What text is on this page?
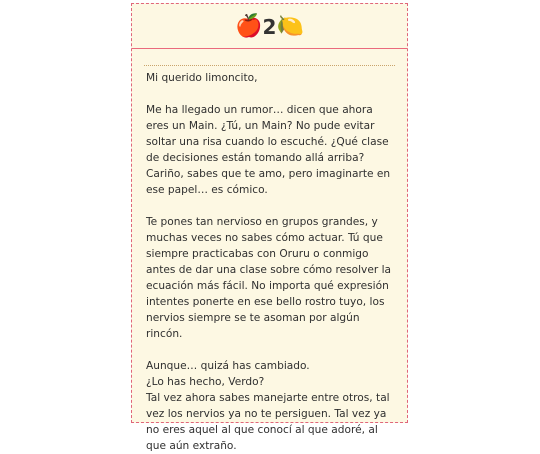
🍎 2 🍋

Mi querido limoncito,

Me ha llegado un rumor… dicen que ahora eres un Main. ¿Tú, un Main? No pude evitar soltar una risa cuando lo escuché. ¿Qué clase de decisiones están tomando allá arriba? Cariño, sabes que te amo, pero imaginarte en ese papel… es cómico.

Te pones tan nervioso en grupos grandes, y muchas veces no sabes cómo actuar. Tú que siempre practicabas con Oruru o conmigo antes de dar una clase sobre cómo resolver la ecuación más fácil. No importa qué expresión intentes ponerte en ese bello rostro tuyo, los nervios siempre se te asoman por algún rincón.

Aunque… quizá has cambiado.

¿Lo has hecho, Verdo?

Tal vez ahora sabes manejarte entre otros, tal vez los nervios ya no te persiguen. Tal vez ya no eres aquel al que conocí al que adoré, al que aún extraño.
